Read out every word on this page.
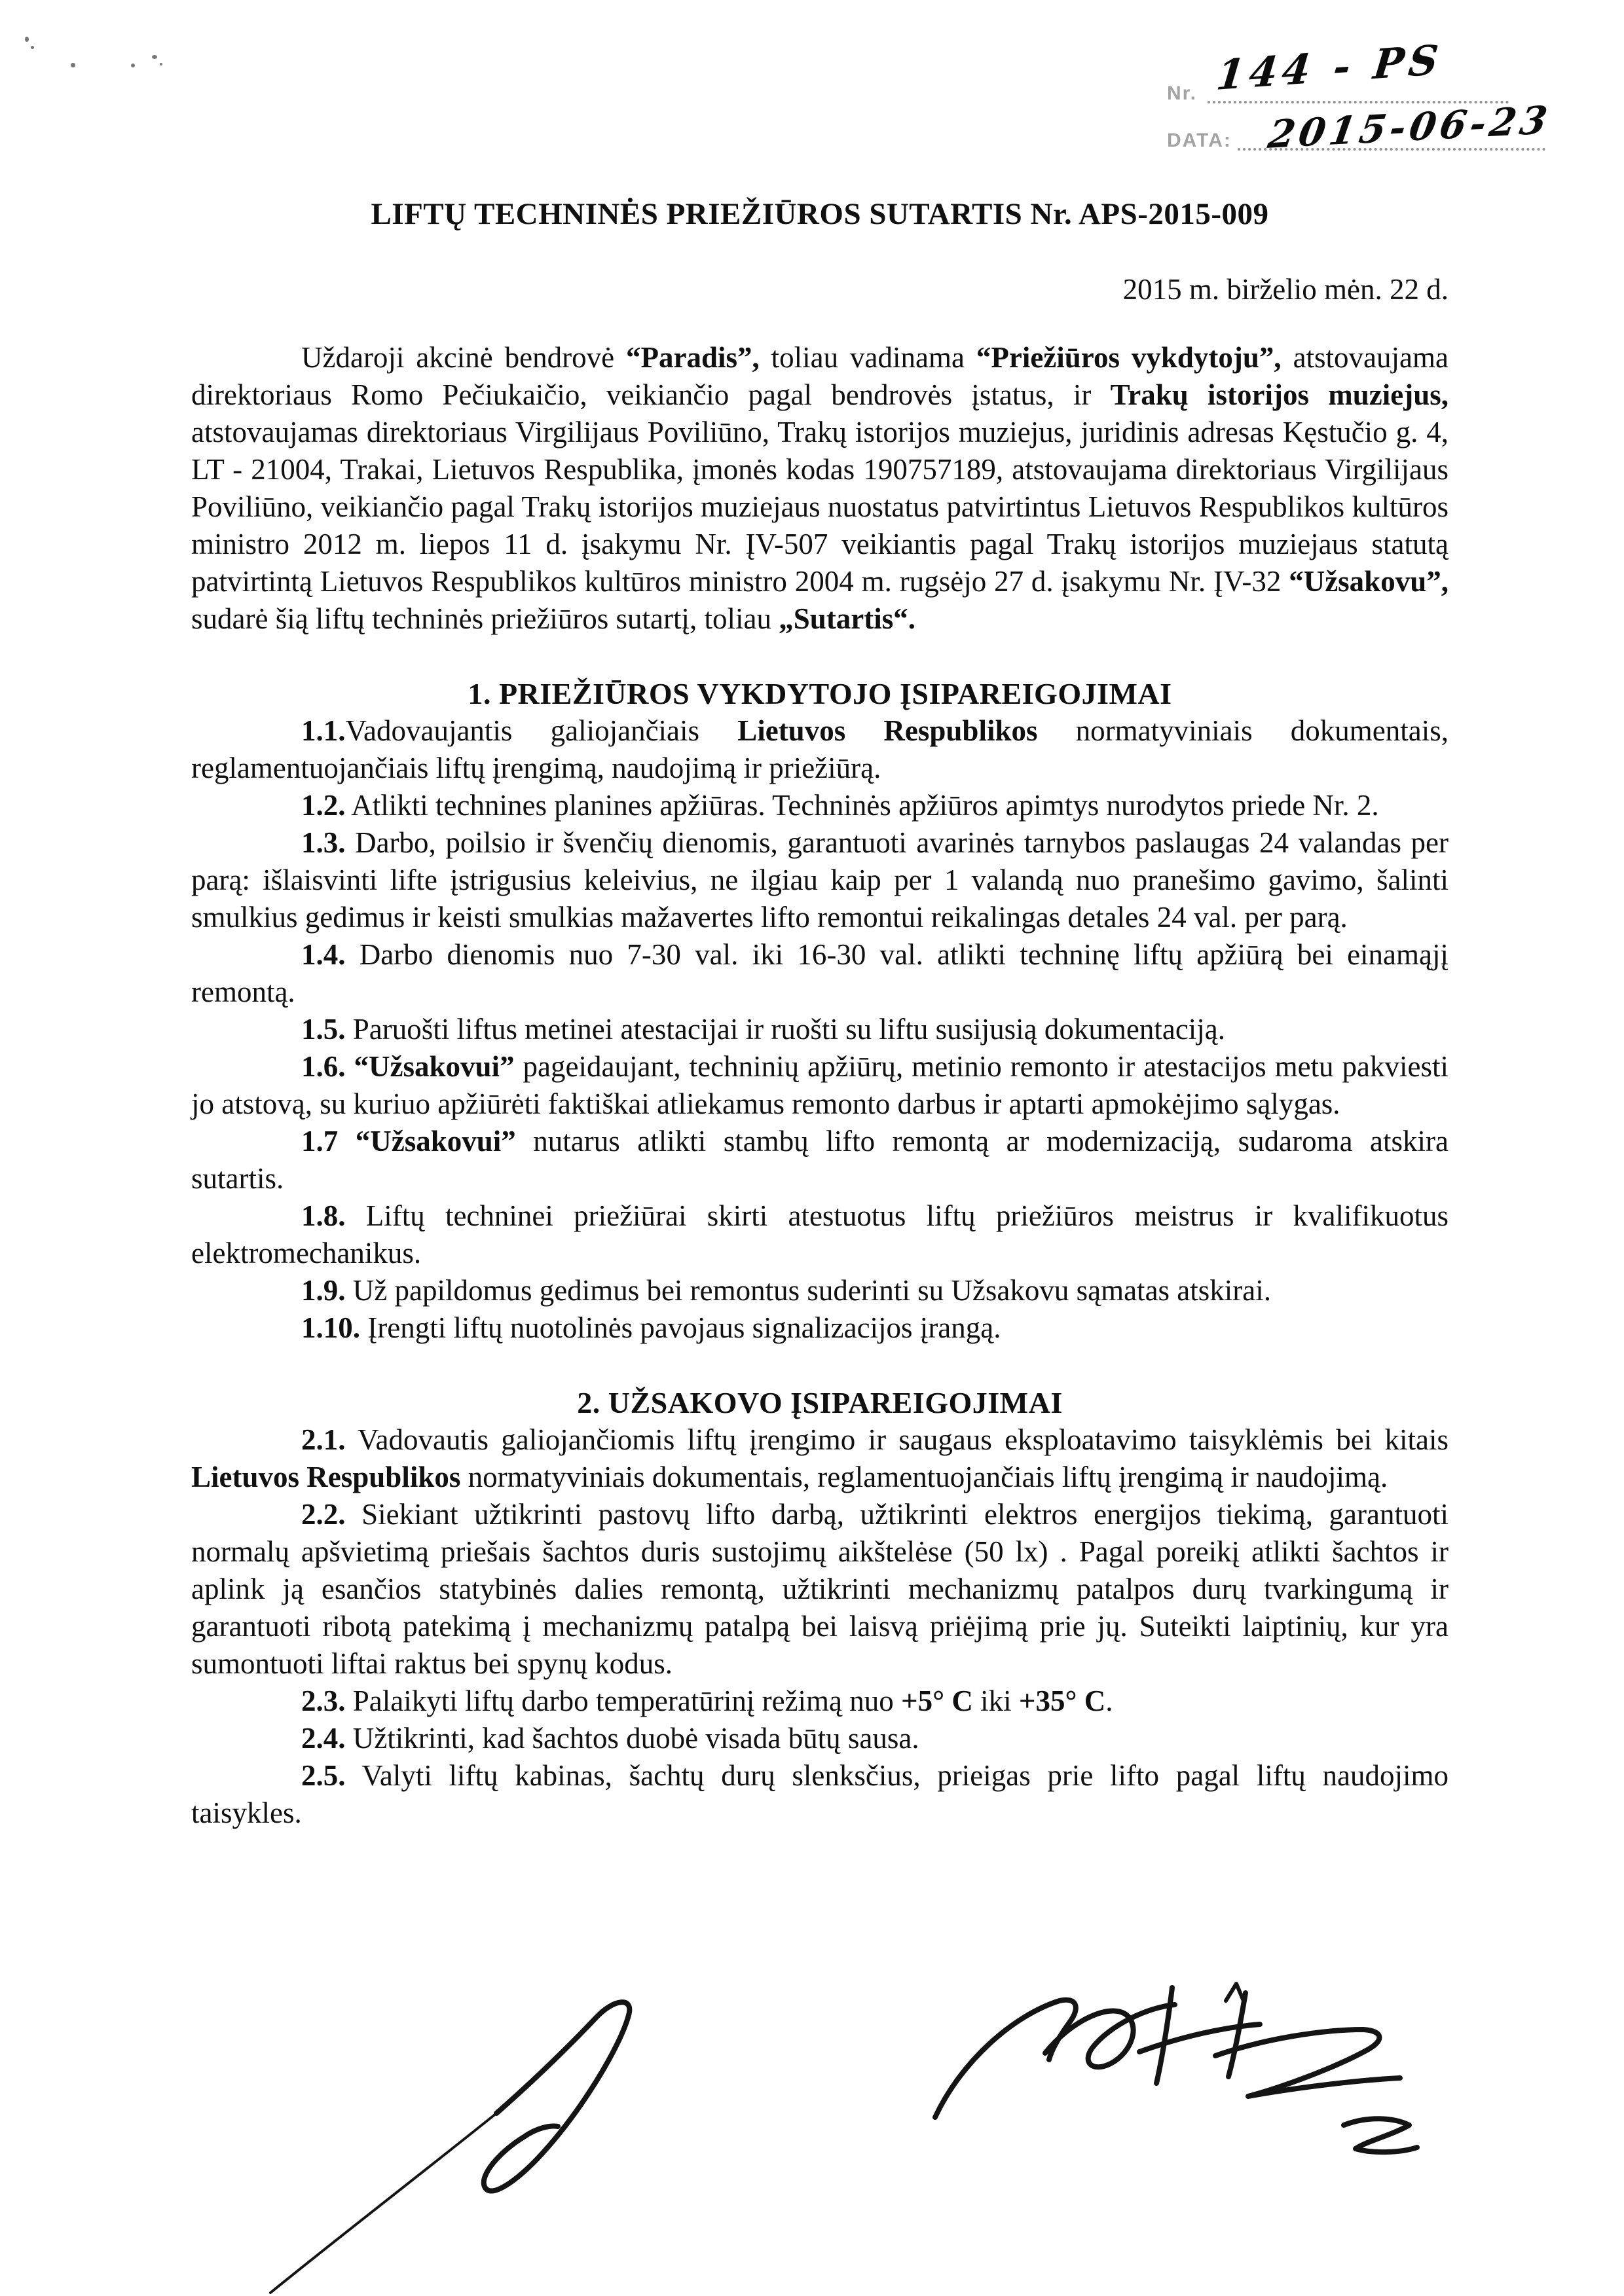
Nr. 144 - PS
DATA: 2015-06-23
LIFTŲ TECHNINĖS PRIEŽIŪROS SUTARTIS Nr. APS-2015-009
2015 m. birželio mėn. 22 d.

Uždaroji akcinė bendrovė “Paradis”, toliau vadinama “Priežiūros vykdytoju”, atstovaujama direktoriaus Romo Pečiukaičio, veikiančio pagal bendrovės įstatus, ir Trakų istorijos muziejus, atstovaujamas direktoriaus Virgilijaus Poviliūno, Trakų istorijos muziejus, juridinis adresas Kęstučio g. 4, LT - 21004, Trakai, Lietuvos Respublika, įmonės kodas 190757189, atstovaujama direktoriaus Virgilijaus Poviliūno, veikiančio pagal Trakų istorijos muziejaus nuostatus patvirtintus Lietuvos Respublikos kultūros ministro 2012 m. liepos 11 d. įsakymu Nr. ĮV-507 veikiantis pagal Trakų istorijos muziejaus statutą patvirtintą Lietuvos Respublikos kultūros ministro 2004 m. rugsėjo 27 d. įsakymu Nr. ĮV-32 “Užsakovu”, sudarė šią liftų techninės priežiūros sutartį, toliau „Sutartis“.

1. PRIEŽIŪROS VYKDYTOJO ĮSIPAREIGOJIMAI

1.1.Vadovaujantis galiojančiais Lietuvos Respublikos normatyviniais dokumentais, reglamentuojančiais liftų įrengimą, naudojimą ir priežiūrą.

1.2. Atlikti technines planines apžiūras. Techninės apžiūros apimtys nurodytos priede Nr. 2.

1.3. Darbo, poilsio ir švenčių dienomis, garantuoti avarinės tarnybos paslaugas 24 valandas per parą: išlaisvinti lifte įstrigusius keleivius, ne ilgiau kaip per 1 valandą nuo pranešimo gavimo, šalinti smulkius gedimus ir keisti smulkias mažavertes lifto remontui reikalingas detales 24 val. per parą.

1.4. Darbo dienomis nuo 7-30 val. iki 16-30 val. atlikti techninę liftų apžiūrą bei einamąjį remontą.

1.5. Paruošti liftus metinei atestacijai ir ruošti su liftu susijusią dokumentaciją.

1.6. “Užsakovui” pageidaujant, techninių apžiūrų, metinio remonto ir atestacijos metu pakviesti jo atstovą, su kuriuo apžiūrėti faktiškai atliekamus remonto darbus ir aptarti apmokėjimo sąlygas.

1.7 “Užsakovui” nutarus atlikti stambų lifto remontą ar modernizaciją, sudaroma atskira sutartis.

1.8. Liftų techninei priežiūrai skirti atestuotus liftų priežiūros meistrus ir kvalifikuotus elektromechanikus.

1.9. Už papildomus gedimus bei remontus suderinti su Užsakovu sąmatas atskirai.

1.10. Įrengti liftų nuotolinės pavojaus signalizacijos įrangą.

2. UŽSAKOVO ĮSIPAREIGOJIMAI

2.1. Vadovautis galiojančiomis liftų įrengimo ir saugaus eksploatavimo taisyklėmis bei kitais Lietuvos Respublikos normatyviniais dokumentais, reglamentuojančiais liftų įrengimą ir naudojimą.

2.2. Siekiant užtikrinti pastovų lifto darbą, užtikrinti elektros energijos tiekimą, garantuoti normalų apšvietimą priešais šachtos duris sustojimų aikštelėse (50 lx) . Pagal poreikį atlikti šachtos ir aplink ją esančios statybinės dalies remontą, užtikrinti mechanizmų patalpos durų tvarkingumą ir garantuoti ribotą patekimą į mechanizmų patalpą bei laisvą priėjimą prie jų. Suteikti laiptinių, kur yra sumontuoti liftai raktus bei spynų kodus.

2.3. Palaikyti liftų darbo temperatūrinį režimą nuo +5° C iki +35° C.

2.4. Užtikrinti, kad šachtos duobė visada būtų sausa.

2.5. Valyti liftų kabinas, šachtų durų slenksčius, prieigas prie lifto pagal liftų naudojimo taisykles.
